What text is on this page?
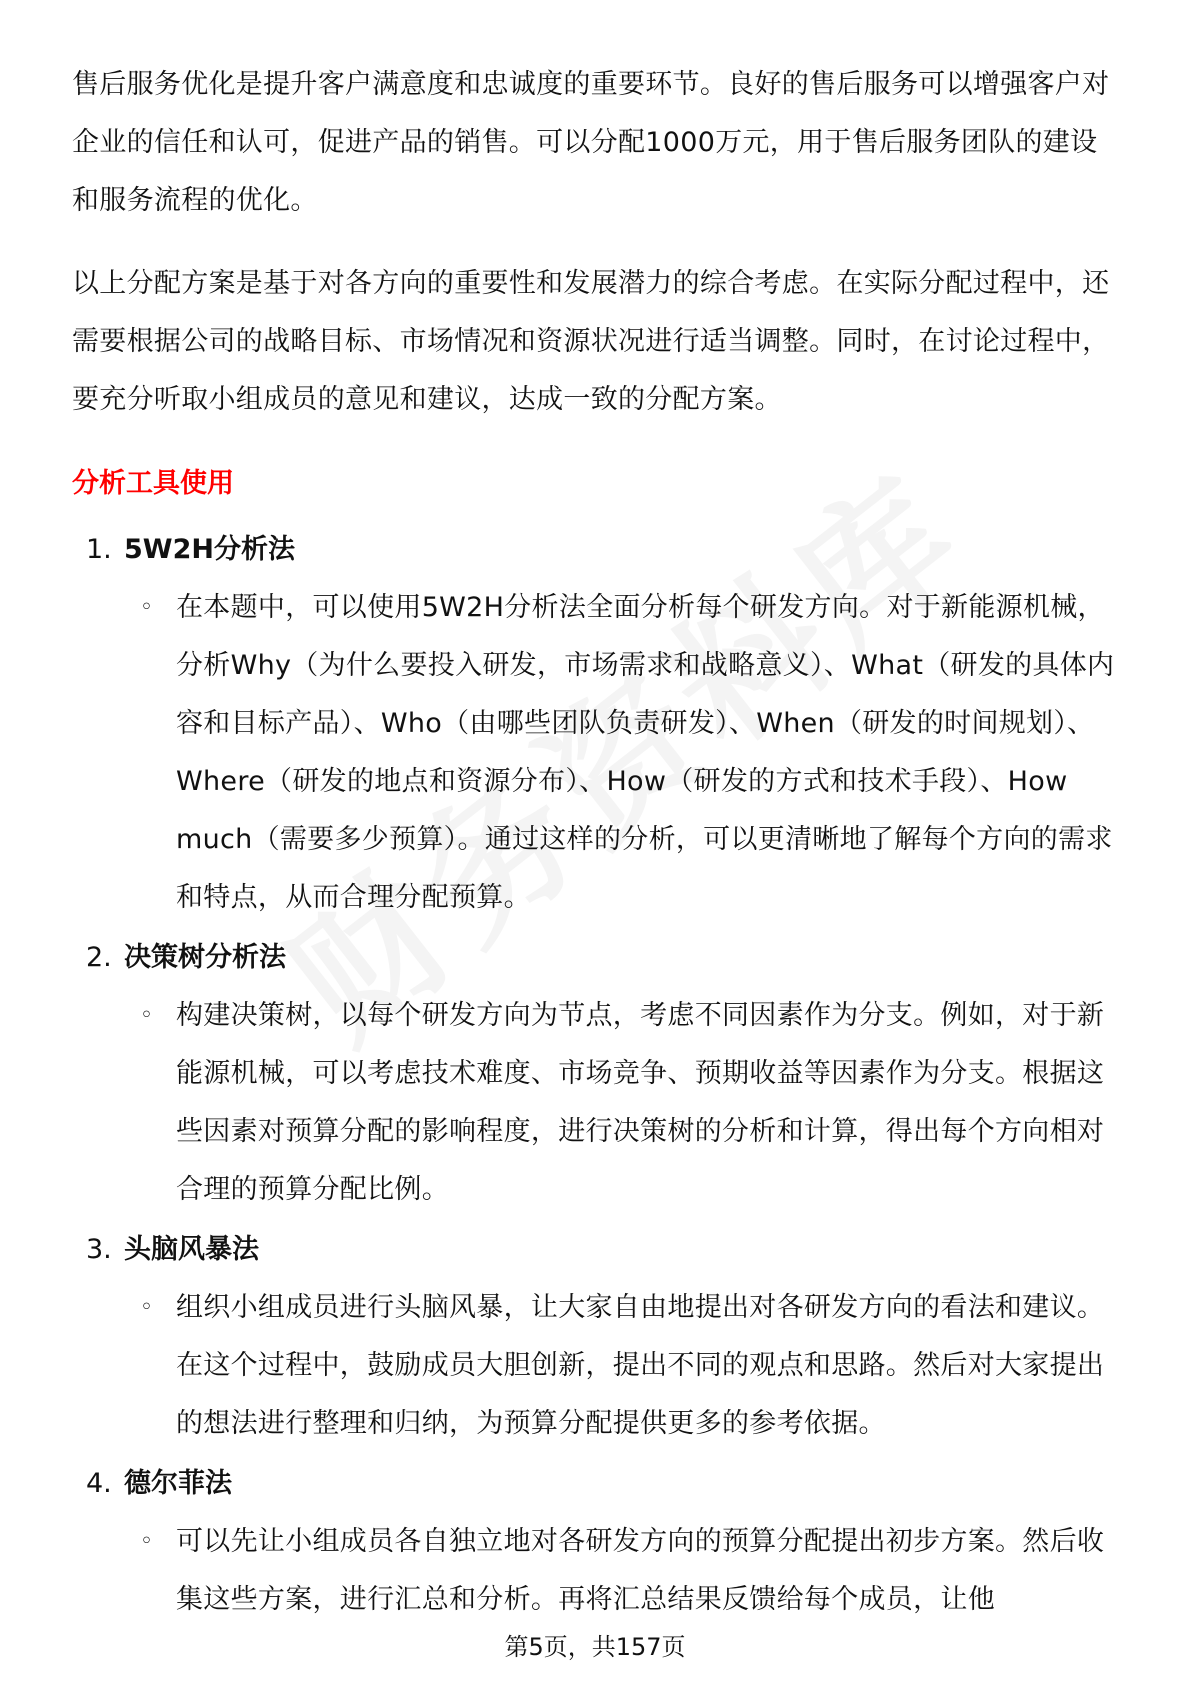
售后服务优化是提升客户满意度和忠诚度的重要环节。良好的售后服务可以增强客户对企业的信任和认可，促进产品的销售。可以分配1000万元，用于售后服务团队的建设和服务流程的优化。

以上分配方案是基于对各方向的重要性和发展潜力的综合考虑。在实际分配过程中，还需要根据公司的战略目标、市场情况和资源状况进行适当调整。同时，在讨论过程中，要充分听取小组成员的意见和建议，达成一致的分配方案。

分析工具使用
1. 5W2H分析法
◦ 在本题中，可以使用5W2H分析法全面分析每个研发方向。对于新能源机械，分析Why（为什么要投入研发，市场需求和战略意义）、What（研发的具体内容和目标产品）、Who（由哪些团队负责研发）、When（研发的时间规划）、Where（研发的地点和资源分布）、How（研发的方式和技术手段）、How much（需要多少预算）。通过这样的分析，可以更清晰地了解每个方向的需求和特点，从而合理分配预算。
2. 决策树分析法
◦ 构建决策树，以每个研发方向为节点，考虑不同因素作为分支。例如，对于新能源机械，可以考虑技术难度、市场竞争、预期收益等因素作为分支。根据这些因素对预算分配的影响程度，进行决策树的分析和计算，得出每个方向相对合理的预算分配比例。
3. 头脑风暴法
◦ 组织小组成员进行头脑风暴，让大家自由地提出对各研发方向的看法和建议。在这个过程中，鼓励成员大胆创新，提出不同的观点和思路。然后对大家提出的想法进行整理和归纳，为预算分配提供更多的参考依据。
4. 德尔菲法
◦ 可以先让小组成员各自独立地对各研发方向的预算分配提出初步方案。然后收集这些方案，进行汇总和分析。再将汇总结果反馈给每个成员，让他
第5页，共157页
